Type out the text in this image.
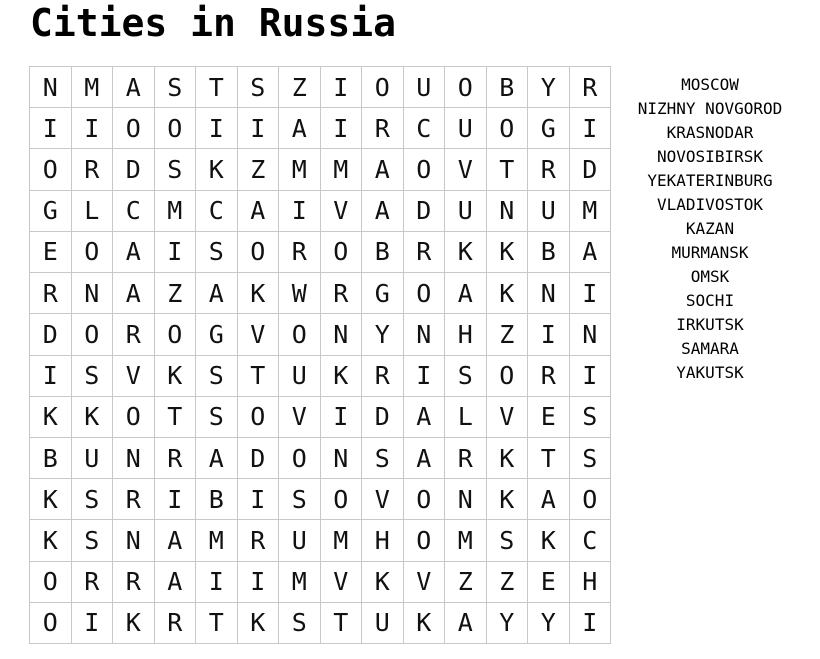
Cities in Russia
N	M	A	S	T	S	Z	I	O	U	O	B	Y	R
I	I	O	O	I	I	A	I	R	C	U	O	G	I
O	R	D	S	K	Z	M	M	A	O	V	T	R	D
G	L	C	M	C	A	I	V	A	D	U	N	U	M
E	O	A	I	S	O	R	O	B	R	K	K	B	A
R	N	A	Z	A	K	W	R	G	O	A	K	N	I
D	O	R	O	G	V	O	N	Y	N	H	Z	I	N
I	S	V	K	S	T	U	K	R	I	S	O	R	I
K	K	O	T	S	O	V	I	D	A	L	V	E	S
B	U	N	R	A	D	O	N	S	A	R	K	T	S
K	S	R	I	B	I	S	O	V	O	N	K	A	O
K	S	N	A	M	R	U	M	H	O	M	S	K	C
O	R	R	A	I	I	M	V	K	V	Z	Z	E	H
O	I	K	R	T	K	S	T	U	K	A	Y	Y	I
MOSCOW
NIZHNY NOVGOROD
KRASNODAR
NOVOSIBIRSK
YEKATERINBURG
VLADIVOSTOK
KAZAN
MURMANSK
OMSK
SOCHI
IRKUTSK
SAMARA
YAKUTSK
